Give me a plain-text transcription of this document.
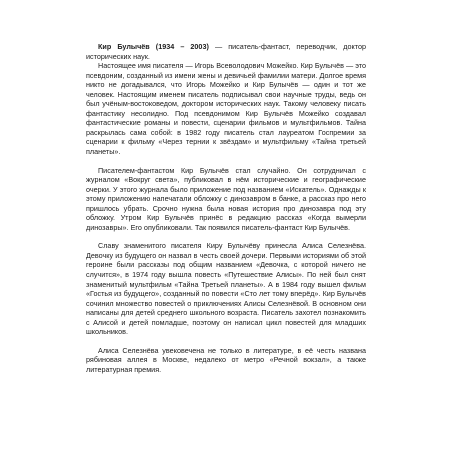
Кир Булычёв (1934 – 2003) — писатель-фантаст, переводчик, доктор исторических наук.

Настоящее имя писателя — Игорь Всеволодович Можейко. Кир Булычёв — это псевдоним, созданный из имени жены и девичьей фамилии матери. Долгое время никто не догадывался, что Игорь Можейко и Кир Булычёв — один и тот же человек. Настоящим именем писатель подписывал свои научные труды, ведь он был учёным-востоковедом, доктором исторических наук. Такому человеку писать фантастику несолидно. Под псевдонимом Кир Булычёв Можейко создавал фантастические романы и повести, сценарии фильмов и мультфильмов. Тайна раскрылась сама собой: в 1982 году писатель стал лауреатом Госпремии за сценарии к фильму «Через тернии к звёздам» и мультфильму «Тайна третьей планеты».

Писателем-фантастом Кир Булычёв стал случайно. Он сотрудничал с журналом «Вокруг света», публиковал в нём исторические и географические очерки. У этого журнала было приложение под названием «Искатель». Однажды к этому приложению напечатали обложку с динозавром в банке, а рассказ про него пришлось убрать. Срочно нужна была новая история про динозавра под эту обложку. Утром Кир Булычёв принёс в редакцию рассказ «Когда вымерли динозавры». Его опубликовали. Так появился писатель-фантаст Кир Булычёв.

Славу знаменитого писателя Киру Булычёву принесла Алиса Селезнёва. Девочку из будущего он назвал в честь своей дочери. Первыми историями об этой героине были рассказы под общим названием «Девочка, с которой ничего не случится», в 1974 году вышла повесть «Путешествие Алисы». По ней был снят знаменитый мультфильм «Тайна Третьей планеты». А в 1984 году вышел фильм «Гостья из будущего», созданный по повести «Сто лет тому вперёд». Кир Булычёв сочинил множество повестей о приключениях Алисы Селезнёвой. В основном они написаны для детей среднего школьного возраста. Писатель захотел познакомить с Алисой и детей помладше, поэтому он написал цикл повестей для младших школьников.

Алиса Селезнёва увековечена не только в литературе, в её честь названа рябиновая аллея в Москве, недалеко от метро «Речной вокзал», а также литературная премия.
